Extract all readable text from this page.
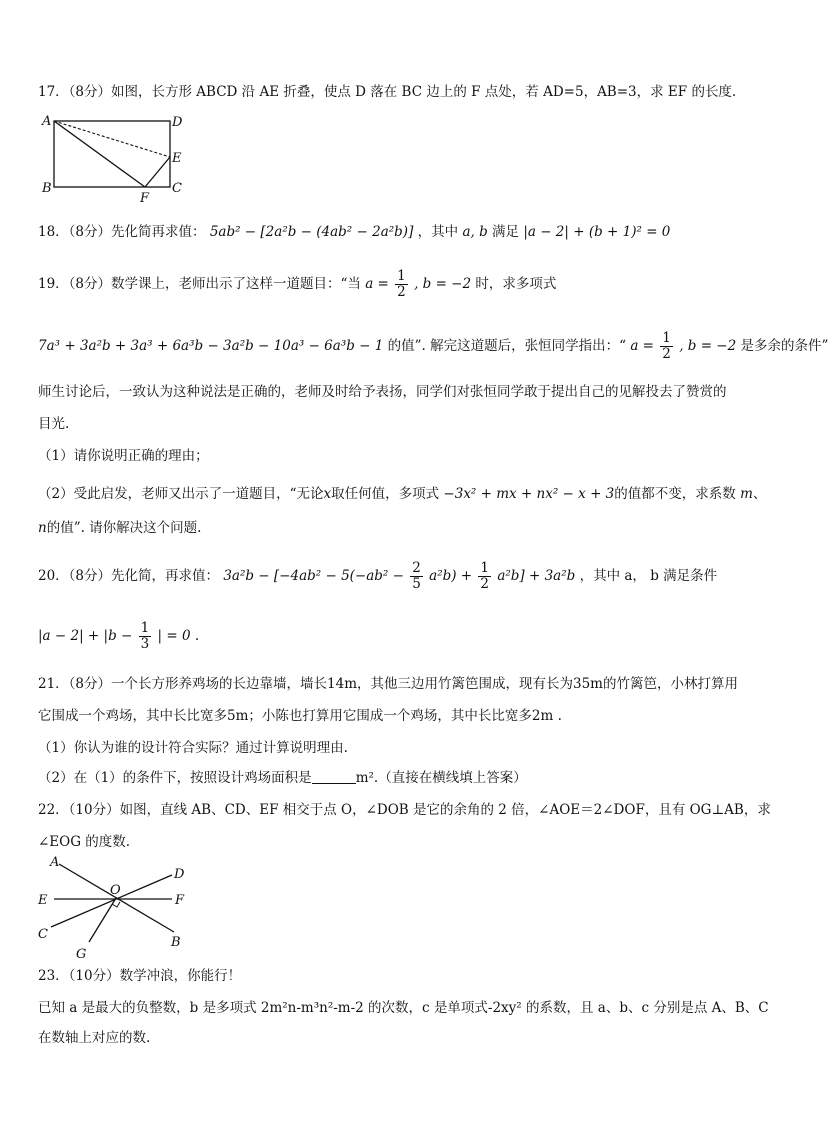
17．（8分）如图，长方形 ABCD 沿 AE 折叠，使点 D 落在 BC 边上的 F 点处，若 AD=5，AB=3，求 EF 的长度.
A	D
E
B	C
F
18．（8分）先化简再求值： 5ab² − [2a²b − (4ab² − 2a²b)] ，其中 a, b 满足 |a − 2| + (b + 1)² = 0
19．（8分）数学课上，老师出示了这样一道题目：“当 $a = \frac{1}{2}$ , b = −2 时，求多项式
7a³ + 3a²b + 3a³ + 6a³b − 3a²b − 10a³ − 6a³b − 1 的值”. 解完这道题后，张恒同学指出：“ $a = \frac{1}{2}$ , b = −2 是多余的条件”
师生讨论后，一致认为这种说法是正确的，老师及时给予表扬，同学们对张恒同学敢于提出自己的见解投去了赞赏的
目光.
（1）请你说明正确的理由；
（2）受此启发，老师又出示了一道题目，“无论x取任何值，多项式 −3x² + mx + nx² − x + 3的值都不变，求系数 m、
n的值”. 请你解决这个问题.
20．（8分）先化简，再求值： $3a^2b - [-4ab^2 - 5(-ab^2 - \frac{2}{5} a^2b) + \frac{1}{2} a^2b] + 3a^2b$ ，其中 a， b 满足条件
$|a - 2| + |b - \frac{1}{3}$ | = 0 .
21．（8分）一个长方形养鸡场的长边靠墙，墙长14m，其他三边用竹篱笆围成，现有长为35m的竹篱笆，小林打算用
它围成一个鸡场，其中长比宽多5m；小陈也打算用它围成一个鸡场，其中长比宽多2m .
（1）你认为谁的设计符合实际？通过计算说明理由.
（2）在（1）的条件下，按照设计鸡场面积是	m².（直接在横线填上答案）
22．（10分）如图，直线 AB、CD、EF 相交于点 O，∠DOB 是它的余角的 2 倍，∠AOE＝2∠DOF，且有 OG⊥AB，求
∠EOG 的度数.
A
D
E	F
O
C
B
G
23．（10分）数学冲浪，你能行！
已知 a 是最大的负整数，b 是多项式 2m²n-m³n²-m-2 的次数，c 是单项式-2xy² 的系数，且 a、b、c 分别是点 A、B、C
在数轴上对应的数.
